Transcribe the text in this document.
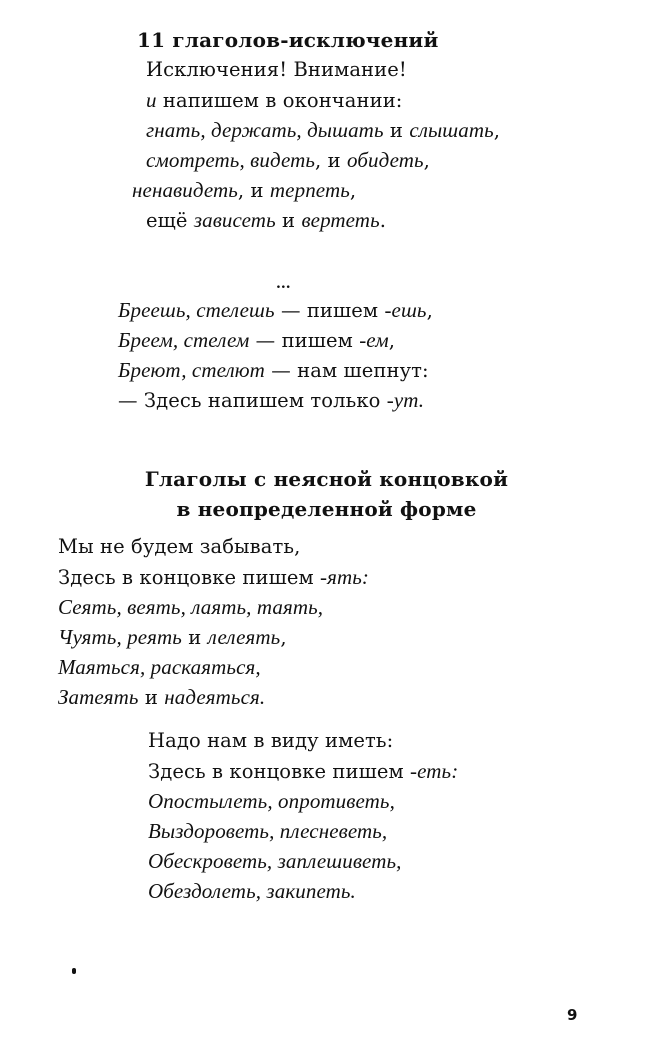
11 глаголов-исключений
Исключения! Внимание!
и напишем в окончании:
гнать, держать, дышать и слышать,
смотреть, видеть, и обидеть,
ненавидеть, и терпеть,
ещё зависеть и вертеть.
...
Бреешь, стелешь — пишем -ешь,
Бреем, стелем — пишем -ем,
Бреют, стелют — нам шепнут:
— Здесь напишем только -ут.
Глаголы с неясной концовкой
в неопределенной форме
Мы не будем забывать,
Здесь в концовке пишем -ять:
Сеять, веять, лаять, таять,
Чуять, реять и лелеять,
Маяться, раскаяться,
Затеять и надеяться.
Надо нам в виду иметь:
Здесь в концовке пишем -еть:
Опостылеть, опротиветь,
Выздороветь, плесневеть,
Обескроветь, заплешиветь,
Обездолеть, закипеть.
9
